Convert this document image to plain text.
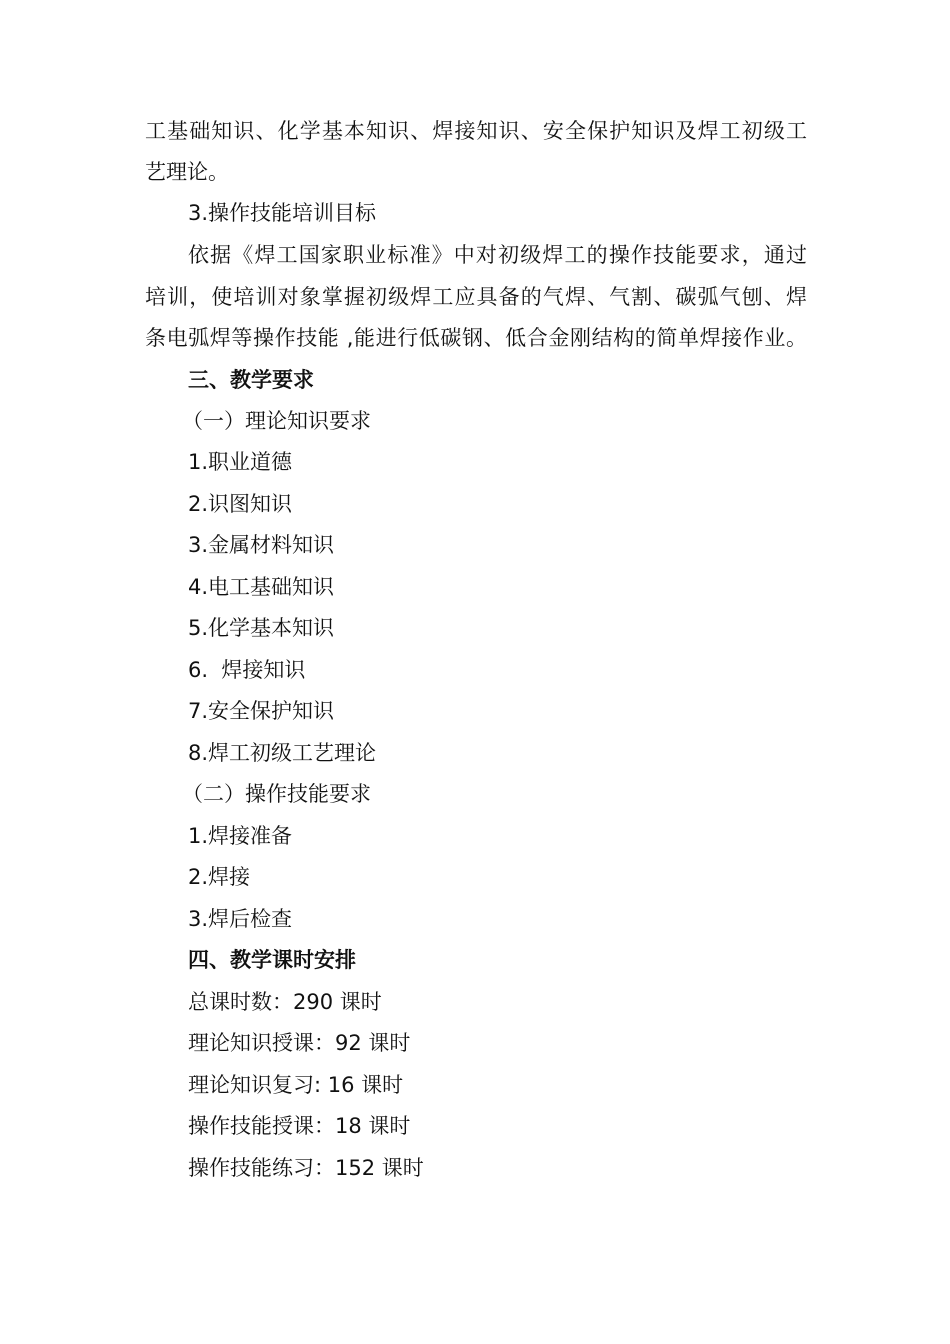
工基础知识、化学基本知识、焊接知识、安全保护知识及焊工初级工
艺理论。
3.操作技能培训目标
依据《焊工国家职业标准》中对初级焊工的操作技能要求，通过
培训，使培训对象掌握初级焊工应具备的气焊、气割、碳弧气刨、焊
条电弧焊等操作技能 ,能进行低碳钢、低合金刚结构的简单焊接作业。
三、教学要求
（一）理论知识要求
1.职业道德
2.识图知识
3.金属材料知识
4.电工基础知识
5.化学基本知识
6.  焊接知识
7.安全保护知识
8.焊工初级工艺理论
（二）操作技能要求
1.焊接准备
2.焊接
3.焊后检查
四、教学课时安排
总课时数：290 课时
理论知识授课：92 课时
理论知识复习: 16 课时
操作技能授课：18 课时
操作技能练习：152 课时
